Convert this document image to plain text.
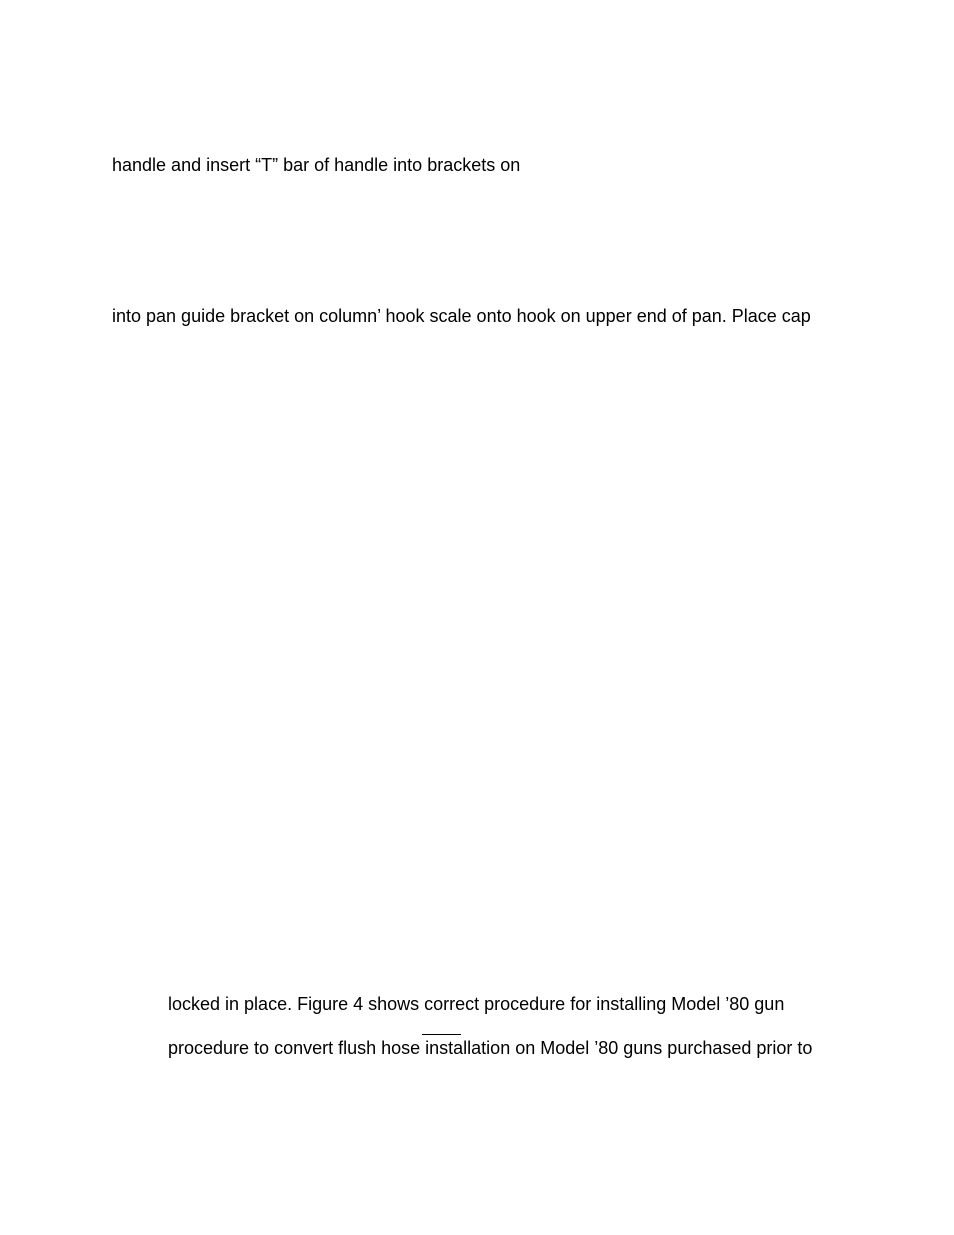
handle and insert “T” bar of handle into brackets on
into pan guide bracket on column’ hook scale onto hook on upper end of pan. Place cap
locked in place. Figure 4 shows correct procedure for installing Model ’80 gun
procedure to convert flush hose installation on Model ’80 guns purchased prior to
